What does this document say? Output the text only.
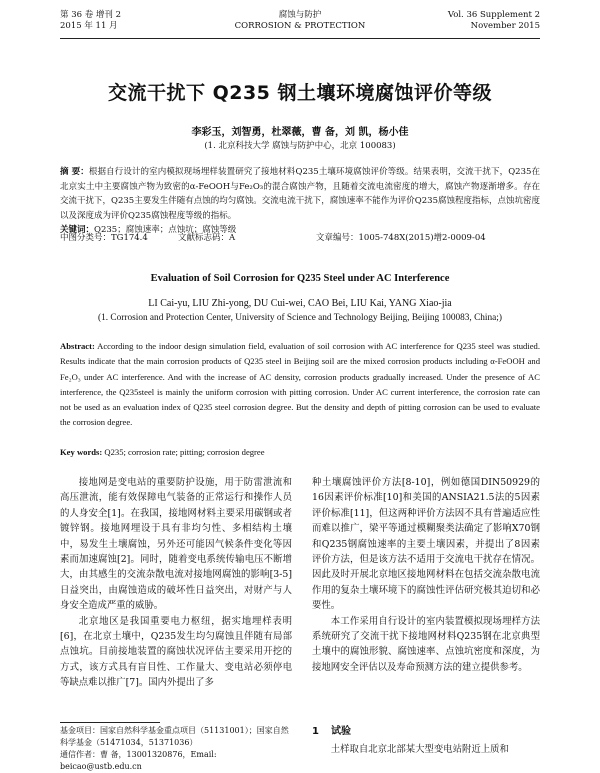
第 36 卷 增刊 2
2015 年 11 月
腐蚀与防护
CORROSION & PROTECTION
Vol. 36 Supplement 2
November 2015
交流干扰下 Q235 钢土壤环境腐蚀评价等级
李彩玉，刘智勇，杜翠薇，曹 备，刘 凯，杨小佳
(1. 北京科技大学 腐蚀与防护中心，北京 100083)
摘 要：根据自行设计的室内模拟现场埋样装置研究了接地材料Q235土壤环境腐蚀评价等级。结果表明，交流干扰下，Q235在北京实土中主要腐蚀产物为致密的α-FeOOH与Fe₂O₃的混合腐蚀产物，且随着交流电流密度的增大，腐蚀产物逐渐增多。存在交流干扰下，Q235主要发生伴随有点蚀的均匀腐蚀。交流电流干扰下，腐蚀速率不能作为评价Q235腐蚀程度指标，点蚀坑密度以及深度成为评价Q235腐蚀程度等级的指标。
关键词：Q235；腐蚀速率；点蚀坑；腐蚀等级
中图分类号：TG174.4	文献标志码：A	文章编号：1005-748X(2015)增2-0009-04
Evaluation of Soil Corrosion for Q235 Steel under AC Interference
LI Cai-yu, LIU Zhi-yong, DU Cui-wei, CAO Bei, LIU Kai, YANG Xiao-jia
(1. Corrosion and Protection Center, University of Science and Technology Beijing, Beijing 100083, China;)
Abstract: According to the indoor design simulation field, evaluation of soil corrosion with AC interference for Q235 steel was studied. Results indicate that the main corrosion products of Q235 steel in Beijing soil are the mixed corrosion products including α-FeOOH and Fe₂O₃ under AC interference. And with the increase of AC density, corrosion products gradually increased. Under the presence of AC interference, the Q235steel is mainly the uniform corrosion with pitting corrosion. Under AC current interference, the corrosion rate can not be used as an evaluation index of Q235 steel corrosion degree. But the density and depth of pitting corrosion can be used to evaluate the corrosion degree.
Key words: Q235; corrosion rate; pitting; corrosion degree

接地网是变电站的重要防护设施，用于防雷泄流和高压泄流，能有效保障电气装备的正常运行和操作人员的人身安全[1]。在我国，接地网材料主要采用碳钢或者镀锌钢。接地网埋设于具有非均匀性、多相结构土壤中，易发生土壤腐蚀，另外还可能因气候条件变化等因素而加速腐蚀[2]。同时，随着变电系统传输电压不断增大，由其感生的交流杂散电流对接地网腐蚀的影响[3-5]日益突出，由腐蚀造成的破坏性日益突出，对财产与人身安全造成严重的威胁。

北京地区是我国重要电力枢纽，据实地埋样表明[6]，在北京土壤中，Q235发生均匀腐蚀且伴随有局部点蚀坑。目前接地装置的腐蚀状况评估主要采用开挖的方式，该方式具有盲目性、工作量大、变电站必须停电等缺点难以推广[7]。国内外提出了多

种土壤腐蚀评价方法[8-10]，例如德国DIN50929的16因素评价标准[10]和美国的ANSIA21.5法的5因素评价标准[11]，但这两种评价方法因不具有普遍适应性而难以推广，梁平等通过模糊聚类法确定了影响X70钢和Q235钢腐蚀速率的主要土壤因素，并提出了8因素评价方法，但是该方法不适用于交流电干扰存在情况。因此及时开展北京地区接地网材料在包括交流杂散电流作用的复杂土壤环境下的腐蚀性评估研究极其迫切和必要性。

本工作采用自行设计的室内装置模拟现场埋样方法系统研究了交流干扰下接地网材料Q235钢在北京典型土壤中的腐蚀形貌、腐蚀速率、点蚀坑密度和深度，为接地网安全评估以及寿命预测方法的建立提供参考。

基金项目：国家自然科学基金重点项目（51131001）；国家自然科学基金（51471034，51371036）

通信作者：曹 备，13001320876，Email: beicao@ustb.edu.cn

1 试验
土样取自北京北部某大型变电站附近上质和
